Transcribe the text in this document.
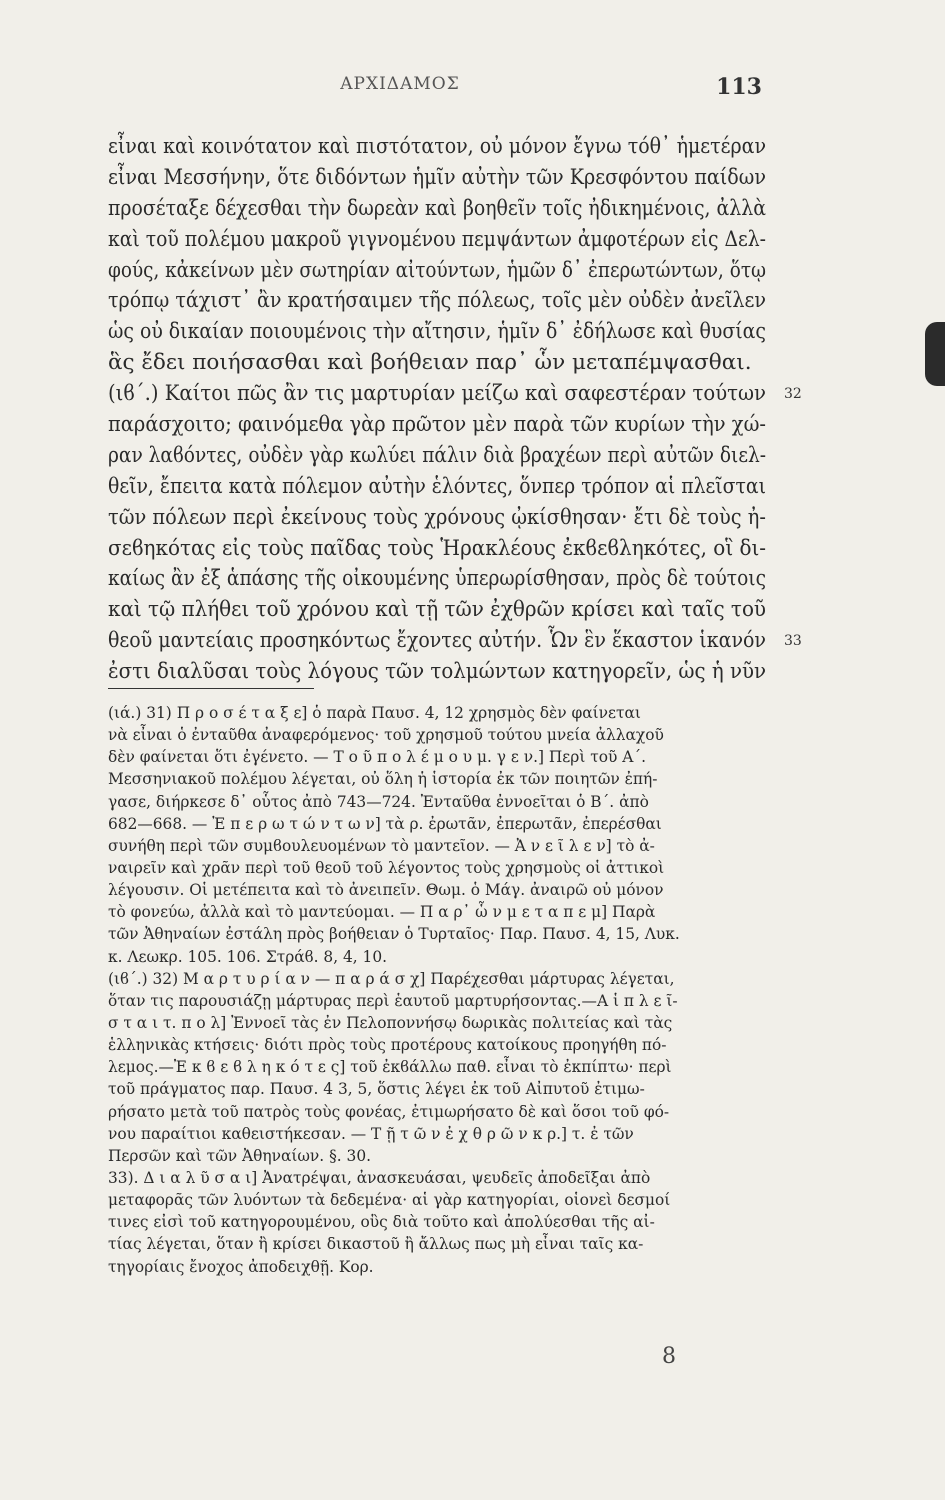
ΑΡΧΙΔΑΜΟΣ	113
εἶναι καὶ κοινότατον καὶ πιστότατον, οὐ μόνον ἔγνω τόθ᾽ ἡμετέραν
εἶναι Μεσσήνην, ὅτε διδόντων ἡμῖν αὐτὴν τῶν Κρεσφόντου παίδων
προσέταξε δέχεσθαι τὴν δωρεὰν καὶ βοηθεῖν τοῖς ἠδικημένοις, ἀλλὰ
καὶ τοῦ πολέμου μακροῦ γιγνομένου πεμψάντων ἀμφοτέρων εἰς Δελ-
φούς, κἀκείνων μὲν σωτηρίαν αἰτούντων, ἡμῶν δ᾽ ἐπερωτώντων, ὅτῳ
τρόπῳ τάχιστ᾽ ἂν κρατήσαιμεν τῆς πόλεως, τοῖς μὲν οὐδὲν ἀνεῖλεν
ὡς οὐ δικαίαν ποιουμένοις τὴν αἴτησιν, ἡμῖν δ᾽ ἐδήλωσε καὶ θυσίας
ἃς ἔδει ποιήσασθαι καὶ βοήθειαν παρ᾽ ὧν μεταπέμψασθαι.
(ιϐ΄.) Καίτοι πῶς ἂν τις μαρτυρίαν μείζω καὶ σαφεστέραν τούτων 32
παράσχοιτο; φαινόμεθα γὰρ πρῶτον μὲν παρὰ τῶν κυρίων τὴν χώ-
ραν λαϐόντες, οὐδὲν γὰρ κωλύει πάλιν διὰ βραχέων περὶ αὐτῶν διελ-
θεῖν, ἔπειτα κατὰ πόλεμον αὐτὴν ἑλόντες, ὅνπερ τρόπον αἱ πλεῖσται
τῶν πόλεων περὶ ἐκείνους τοὺς χρόνους ᾠκίσθησαν· ἔτι δὲ τοὺς ἠ-
σεϐηκότας εἰς τοὺς παῖδας τοὺς Ἡρακλέους ἐκϐεϐληκότες, οἳ δι-
καίως ἂν ἐξ ἁπάσης τῆς οἰκουμένης ὑπερωρίσθησαν, πρὸς δὲ τούτοις
καὶ τῷ πλήθει τοῦ χρόνου καὶ τῇ τῶν ἐχθρῶν κρίσει καὶ ταῖς τοῦ
θεοῦ μαντείαις προσηκόντως ἔχοντες αὐτήν. Ὧν ἓν ἕκαστον ἱκανόν 33
ἐστι διαλῦσαι τοὺς λόγους τῶν τολμώντων κατηγορεῖν, ὡς ἡ νῦν
(ιά.) 31) Π ρ ο σ έ τ α ξ ε] ὁ παρὰ Παυσ. 4, 12 χρησμὸς δὲν φαίνεται
νὰ εἶναι ὁ ἐνταῦθα ἀναφερόμενος· τοῦ χρησμοῦ τούτου μνεία ἀλλαχοῦ
δὲν φαίνεται ὅτι ἐγένετο. — Τ ο ῦ π ο λ έ μ ο υ μ. γ ε ν.] Περὶ τοῦ Α΄.
Μεσσηνιακοῦ πολέμου λέγεται, οὐ ὅλη ἡ ἱστορία ἐκ τῶν ποιητῶν ἐπή-
γασε, διήρκεσε δ᾽ οὗτος ἀπὸ 743—724. Ἐνταῦθα ἐννοεῖται ὁ Β΄. ἀπὸ
682—668. — Ἐ π ε ρ ω τ ώ ν τ ω ν] τὰ ρ. ἐρωτᾶν, ἐπερωτᾶν, ἐπερέσθαι
συνήθη περὶ τῶν συμϐουλευομένων τὸ μαντεῖον. — Ἀ ν ε ῖ λ ε ν] τὸ ἀ-
ναιρεῖν καὶ χρᾶν περὶ τοῦ θεοῦ τοῦ λέγοντος τοὺς χρησμοὺς οἱ ἀττικοὶ
λέγουσιν. Οἱ μετέπειτα καὶ τὸ ἀνειπεῖν. Θωμ. ὁ Μάγ. ἀναιρῶ οὐ μόνον
τὸ φονεύω, ἀλλὰ καὶ τὸ μαντεύομαι. — Π α ρ᾽ ὧ ν μ ε τ α π ε μ] Παρὰ
τῶν Ἀθηναίων ἐστάλη πρὸς βοήθειαν ὁ Τυρταῖος· Παρ. Παυσ. 4, 15, Λυκ.
κ. Λεωκρ. 105. 106. Στράϐ. 8, 4, 10.
(ιϐ΄.) 32) Μ α ρ τ υ ρ ί α ν — π α ρ ά σ χ] Παρέχεσθαι μάρτυρας λέγεται,
ὅταν τις παρουσιάζῃ μάρτυρας περὶ ἑαυτοῦ μαρτυρήσοντας.—Α ἱ π λ ε ῖ-
σ τ α ι τ. π ο λ] Ἐννοεῖ τὰς ἐν Πελοποννήσῳ δωρικὰς πολιτείας καὶ τὰς
ἑλληνικὰς κτήσεις· διότι πρὸς τοὺς προτέρους κατοίκους προηγήθη πό-
λεμος.—Ἐ κ ϐ ε ϐ λ η κ ό τ ε ς] τοῦ ἐκϐάλλω παθ. εἶναι τὸ ἐκπίπτω· περὶ
τοῦ πράγματος παρ. Παυσ. 4 3, 5, ὅστις λέγει ἐκ τοῦ Αἰπυτοῦ ἐτιμω-
ρήσατο μετὰ τοῦ πατρὸς τοὺς φονέας, ἐτιμωρήσατο δὲ καὶ ὅσοι τοῦ φό-
νου παραίτιοι καθειστήκεσαν. — Τ ῇ τ ῶ ν ἐ χ θ ρ ῶ ν κ ρ.] τ. ἐ τῶν
Περσῶν καὶ τῶν Ἀθηναίων. §. 30.
33). Δ ι α λ ῦ σ α ι] Ἀνατρέψαι, ἀνασκευάσαι, ψευδεῖς ἀποδεῖξαι ἀπὸ
μεταφορᾶς τῶν λυόντων τὰ δεδεμένα· αἱ γὰρ κατηγορίαι, οἱονεὶ δεσμοί
τινες εἰσὶ τοῦ κατηγορουμένου, οὓς διὰ τοῦτο καὶ ἀπολύεσθαι τῆς αἰ-
τίας λέγεται, ὅταν ἢ κρίσει δικαστοῦ ἢ ἄλλως πως μὴ εἶναι ταῖς κα-
τηγορίαις ἔνοχος ἀποδειχθῇ. Κορ.
8
